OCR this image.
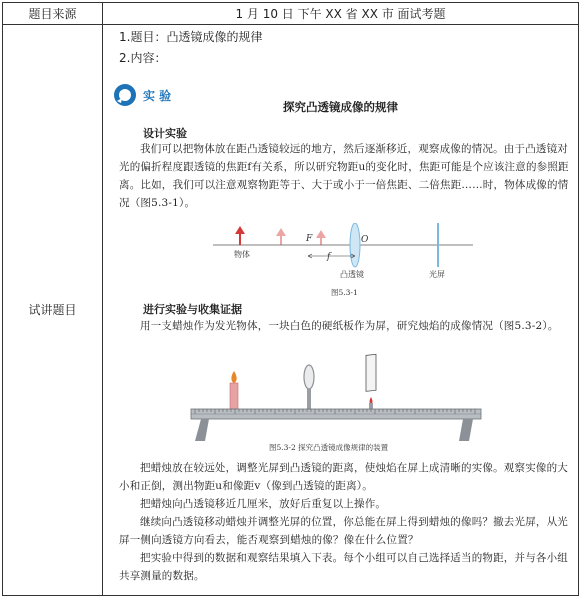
题目来源	1 月 10 日 下午 XX 省 XX 市 面试考题
试讲题目
1.题目：凸透镜成像的规律
2.内容：
实 验
探究凸透镜成像的规律
设计实验
我们可以把物体放在距凸透镜较远的地方，然后逐渐移近，观察成像的情况。由于凸透镜对光的偏折程度跟透镜的焦距f有关系，所以研究物距u的变化时，焦距可能是个应该注意的参照距离。比如，我们可以注意观察物距等于、大于或小于一倍焦距、二倍焦距……时，物体成像的情况（图5.3-1）。
物体
F
f
O
凸透镜	光屏
图5.3-1
进行实验与收集证据
用一支蜡烛作为发光物体，一块白色的硬纸板作为屏，研究烛焰的成像情况（图5.3-2）。
图5.3-2 探究凸透镜成像规律的装置
把蜡烛放在较远处，调整光屏到凸透镜的距离，使烛焰在屏上成清晰的实像。观察实像的大小和正倒，测出物距u和像距v（像到凸透镜的距离）。
把蜡烛向凸透镜移近几厘米，放好后重复以上操作。
继续向凸透镜移动蜡烛并调整光屏的位置，你总能在屏上得到蜡烛的像吗？撤去光屏，从光屏一侧向透镜方向看去，能否观察到蜡烛的像？像在什么位置？
把实验中得到的数据和观察结果填入下表。每个小组可以自己选择适当的物距，并与各小组共享测量的数据。
